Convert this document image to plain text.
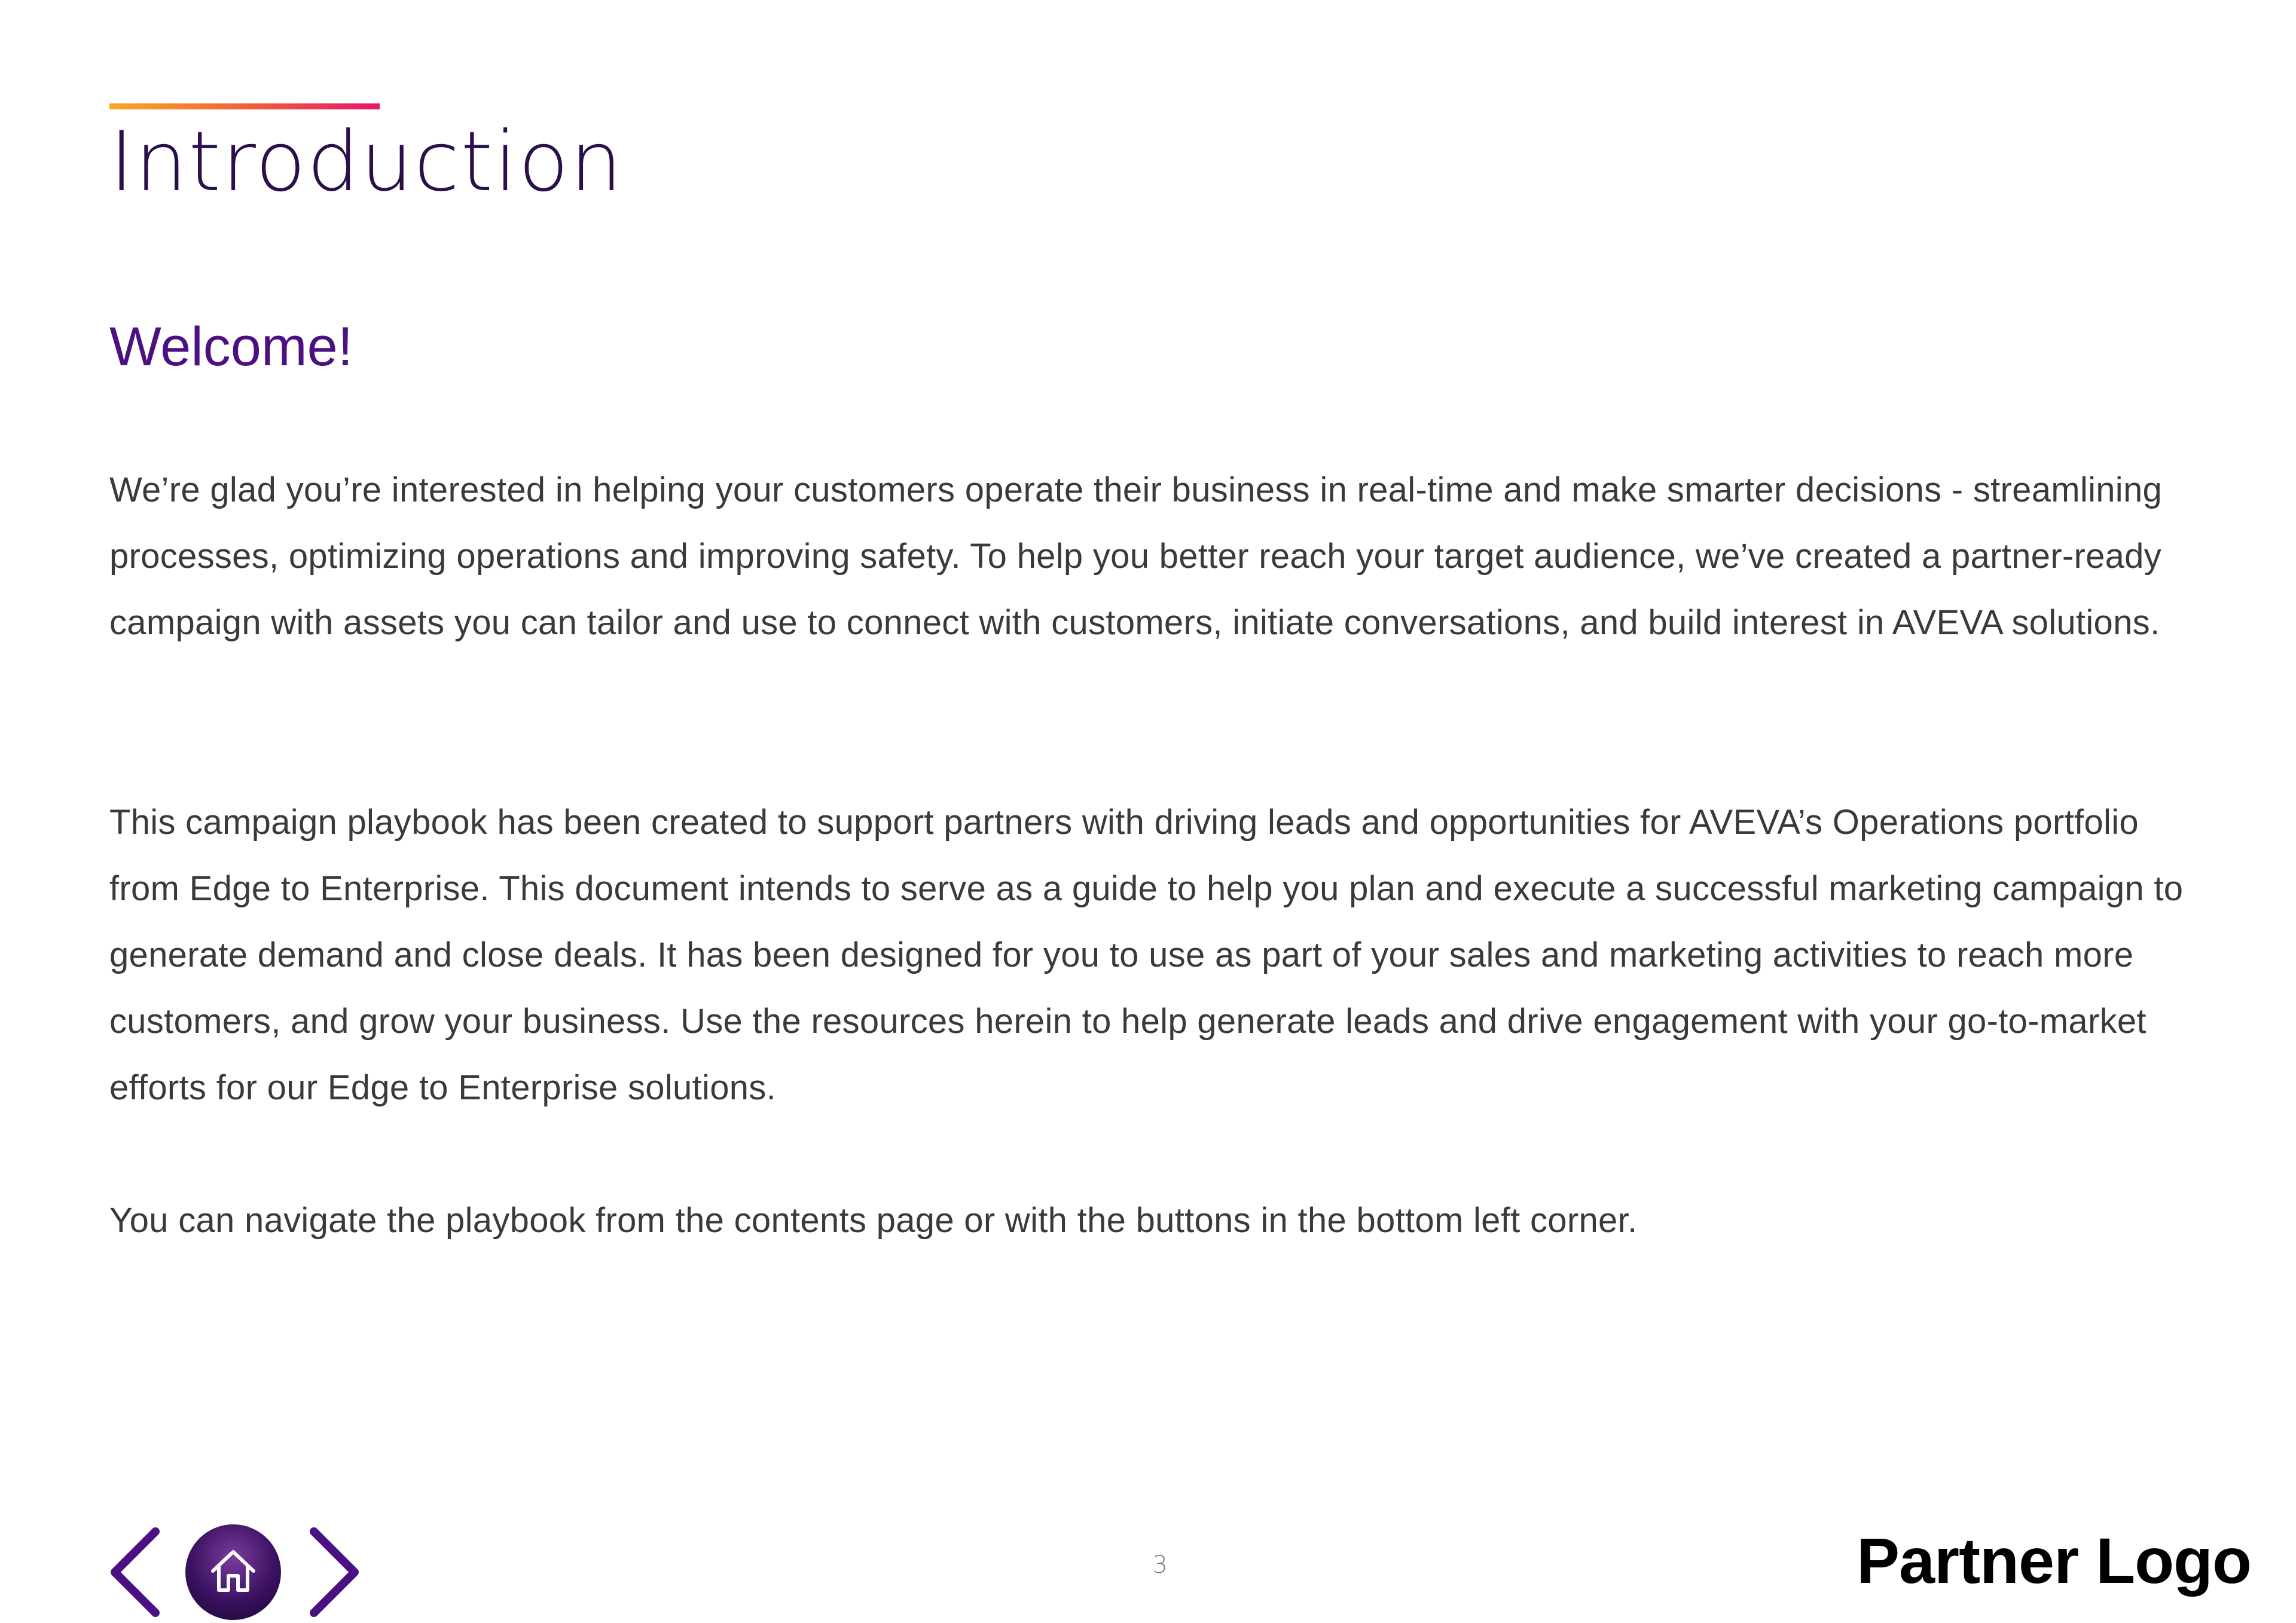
Introduction
Welcome!

We’re glad you’re interested in helping your customers operate their business in real-time and make smarter decisions - streamlining processes, optimizing operations and improving safety. To help you better reach your target audience, we’ve created a partner-ready campaign with assets you can tailor and use to connect with customers, initiate conversations, and build interest in AVEVA solutions.

This campaign playbook has been created to support partners with driving leads and opportunities for AVEVA’s Operations portfolio from Edge to Enterprise. This document intends to serve as a guide to help you plan and execute a successful marketing campaign to generate demand and close deals. It has been designed for you to use as part of your sales and marketing activities to reach more customers, and grow your business. Use the resources herein to help generate leads and drive engagement with your go-to-market efforts for our Edge to Enterprise solutions.

You can navigate the playbook from the contents page or with the buttons in the bottom left corner.

3	Partner Logo
